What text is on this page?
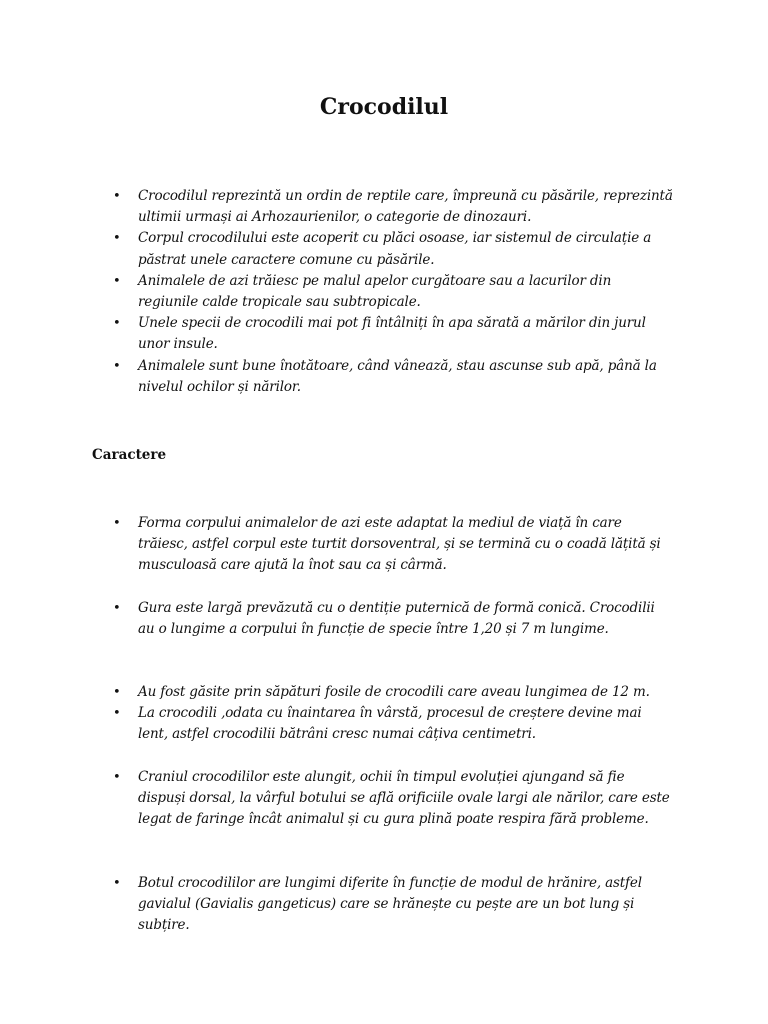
Crocodilul
• Crocodilul reprezintă un ordin de reptile care, împreună cu păsările, reprezintă ultimii urmași ai Arhozaurienilor, o categorie de dinozauri.
• Corpul crocodilului este acoperit cu plăci osoase, iar sistemul de circulație a păstrat unele caractere comune cu păsările.
• Animalele de azi trăiesc pe malul apelor curgătoare sau a lacurilor din regiunile calde tropicale sau subtropicale.
• Unele specii de crocodili mai pot fi întâlniți în apa sărată a mărilor din jurul unor insule.
• Animalele sunt bune înotătoare, când vânează, stau ascunse sub apă, până la nivelul ochilor și nărilor.
Caractere
• Forma corpului animalelor de azi este adaptat la mediul de viață în care trăiesc, astfel corpul este turtit dorsoventral, și se termină cu o coadă lățită și musculoasă care ajută la înot sau ca și cârmă.
• Gura este largă prevăzută cu o dentiție puternică de formă conică. Crocodilii au o lungime a corpului în funcție de specie între 1,20 și 7 m lungime.
• Au fost găsite prin săpături fosile de crocodili care aveau lungimea de 12 m.
• La crocodili ,odata cu înaintarea în vârstă, procesul de creștere devine mai lent, astfel crocodilii bătrâni cresc numai câțiva centimetri.
• Craniul crocodililor este alungit, ochii în timpul evoluției ajungand să fie dispuși dorsal, la vârful botului se află orificiile ovale largi ale nărilor, care este legat de faringe încât animalul și cu gura plină poate respira fără probleme.
• Botul crocodililor are lungimi diferite în funcție de modul de hrănire, astfel gavialul (Gavialis gangeticus) care se hrănește cu pește are un bot lung și subțire.
